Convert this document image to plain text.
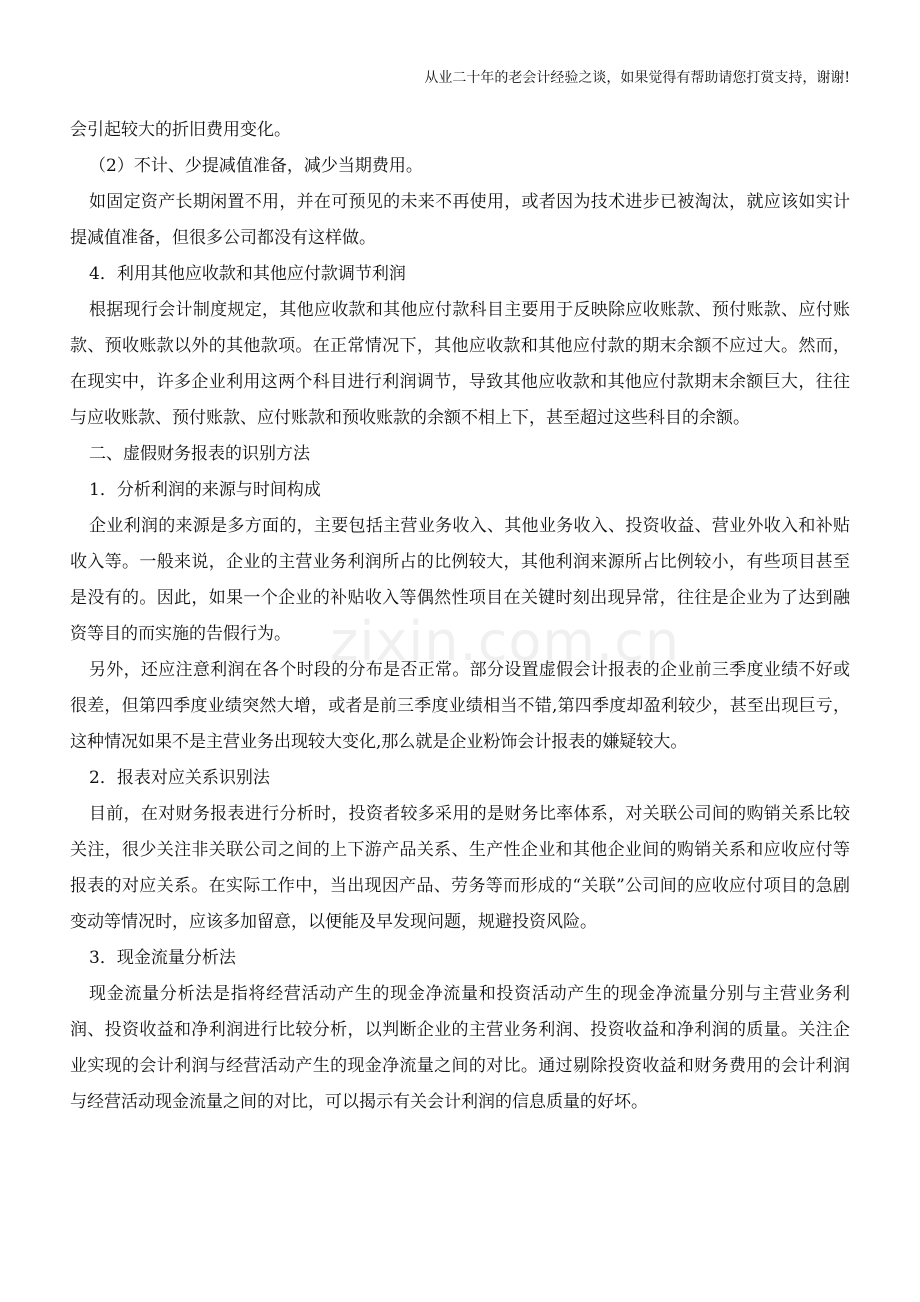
从业二十年的老会计经验之谈，如果觉得有帮助请您打赏支持，谢谢!
zixin.com.cn

会引起较大的折旧费用变化。

（2）不计、少提减值准备，减少当期费用。

如固定资产长期闲置不用，并在可预见的未来不再使用，或者因为技术进步已被淘汰，就应该如实计提减值准备，但很多公司都没有这样做。

4．利用其他应收款和其他应付款调节利润

根据现行会计制度规定，其他应收款和其他应付款科目主要用于反映除应收账款、预付账款、应付账款、预收账款以外的其他款项。在正常情况下，其他应收款和其他应付款的期末余额不应过大。然而，在现实中，许多企业利用这两个科目进行利润调节，导致其他应收款和其他应付款期末余额巨大，往往与应收账款、预付账款、应付账款和预收账款的余额不相上下，甚至超过这些科目的余额。

二、虚假财务报表的识别方法

1．分析利润的来源与时间构成

企业利润的来源是多方面的，主要包括主营业务收入、其他业务收入、投资收益、营业外收入和补贴收入等。一般来说，企业的主营业务利润所占的比例较大，其他利润来源所占比例较小，有些项目甚至是没有的。因此，如果一个企业的补贴收入等偶然性项目在关键时刻出现异常，往往是企业为了达到融资等目的而实施的告假行为。

另外，还应注意利润在各个时段的分布是否正常。部分设置虚假会计报表的企业前三季度业绩不好或很差，但第四季度业绩突然大增，或者是前三季度业绩相当不错,第四季度却盈利较少，甚至出现巨亏，这种情况如果不是主营业务出现较大变化,那么就是企业粉饰会计报表的嫌疑较大。

2．报表对应关系识别法

目前，在对财务报表进行分析时，投资者较多采用的是财务比率体系，对关联公司间的购销关系比较关注，很少关注非关联公司之间的上下游产品关系、生产性企业和其他企业间的购销关系和应收应付等报表的对应关系。在实际工作中，当出现因产品、劳务等而形成的“关联”公司间的应收应付项目的急剧变动等情况时，应该多加留意，以便能及早发现问题，规避投资风险。

3．现金流量分析法

现金流量分析法是指将经营活动产生的现金净流量和投资活动产生的现金净流量分别与主营业务利润、投资收益和净利润进行比较分析，以判断企业的主营业务利润、投资收益和净利润的质量。关注企业实现的会计利润与经营活动产生的现金净流量之间的对比。通过剔除投资收益和财务费用的会计利润与经营活动现金流量之间的对比，可以揭示有关会计利润的信息质量的好坏。
